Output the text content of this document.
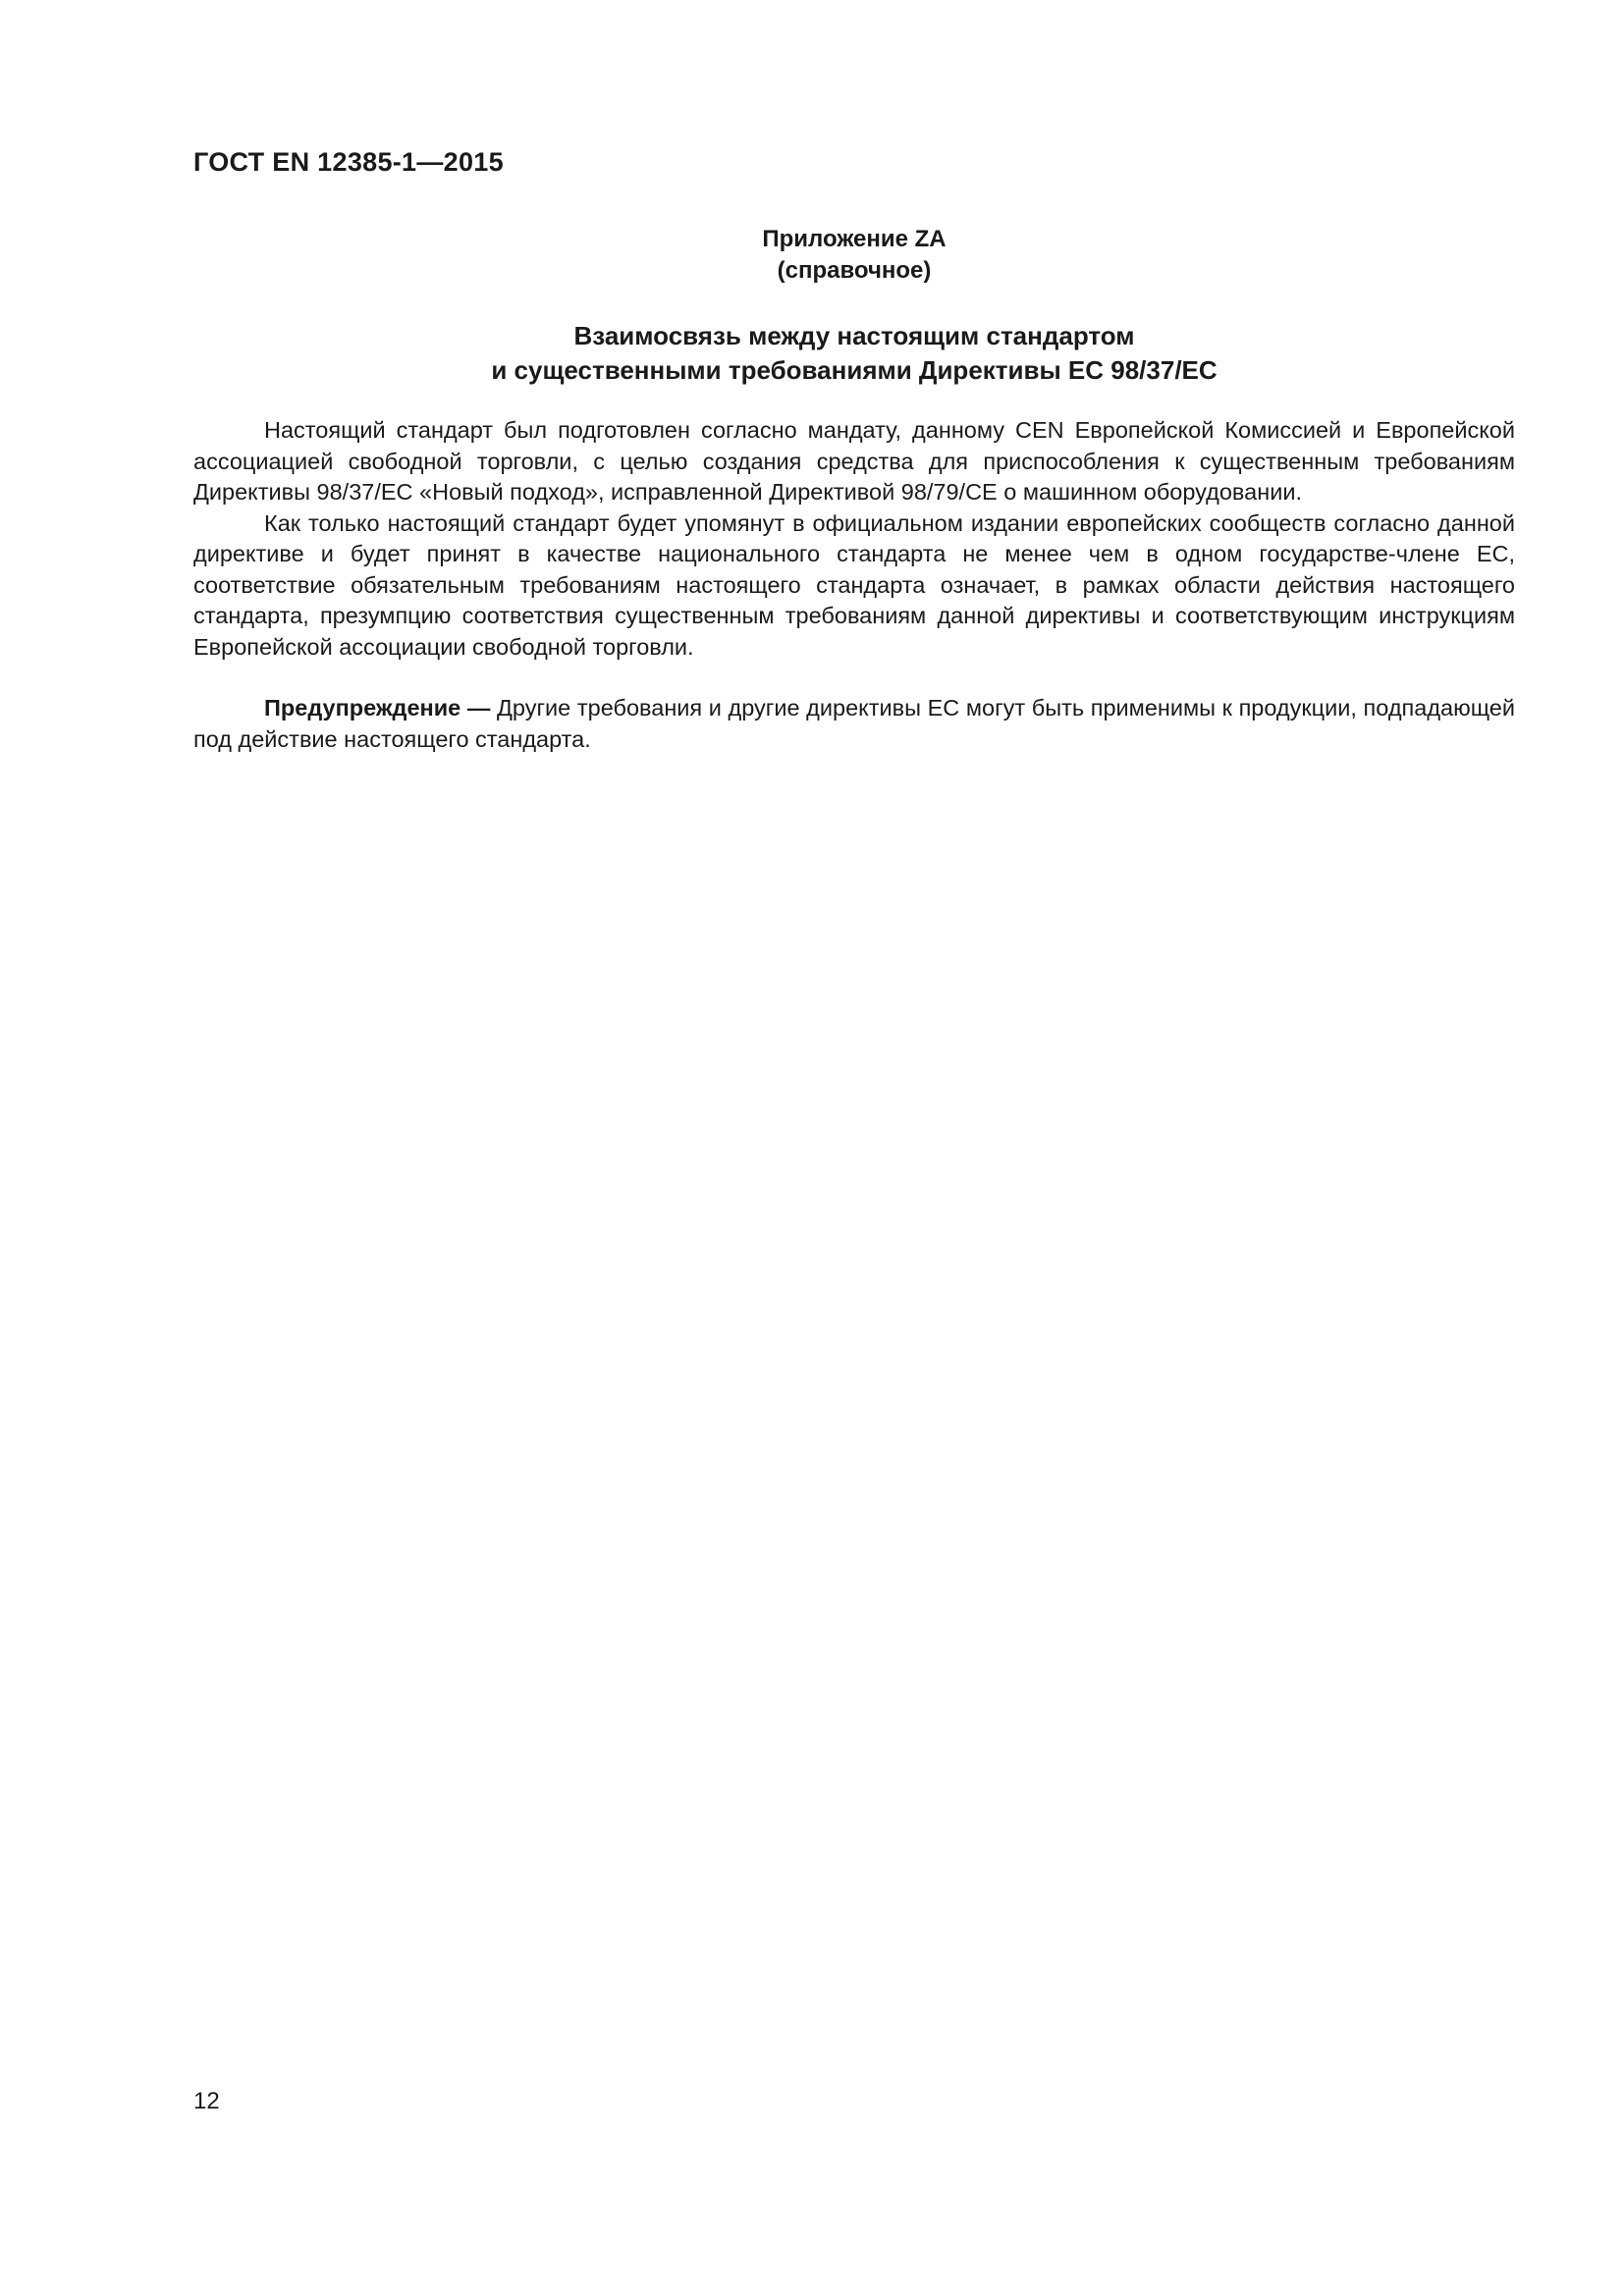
ГОСТ EN 12385-1—2015
Приложение ZA
(справочное)
Взаимосвязь между настоящим стандартом
и существенными требованиями Директивы ЕС 98/37/ЕС

Настоящий стандарт был подготовлен согласно мандату, данному CEN Европейской Комиссией и Европейской ассоциацией свободной торговли, с целью создания средства для приспособления к существенным требованиям Директивы 98/37/ЕС «Новый подход», исправленной Директивой 98/79/CE о машинном оборудовании.

Как только настоящий стандарт будет упомянут в официальном издании европейских сообществ согласно данной директиве и будет принят в качестве национального стандарта не менее чем в одном государстве-члене ЕС, соответствие обязательным требованиям настоящего стандарта означает, в рамках области действия настоящего стандарта, презумпцию соответствия существенным требованиям данной директивы и соответствующим инструкциям Европейской ассоциации свободной торговли.

Предупреждение — Другие требования и другие директивы ЕС могут быть применимы к продукции, подпадающей под действие настоящего стандарта.

12
